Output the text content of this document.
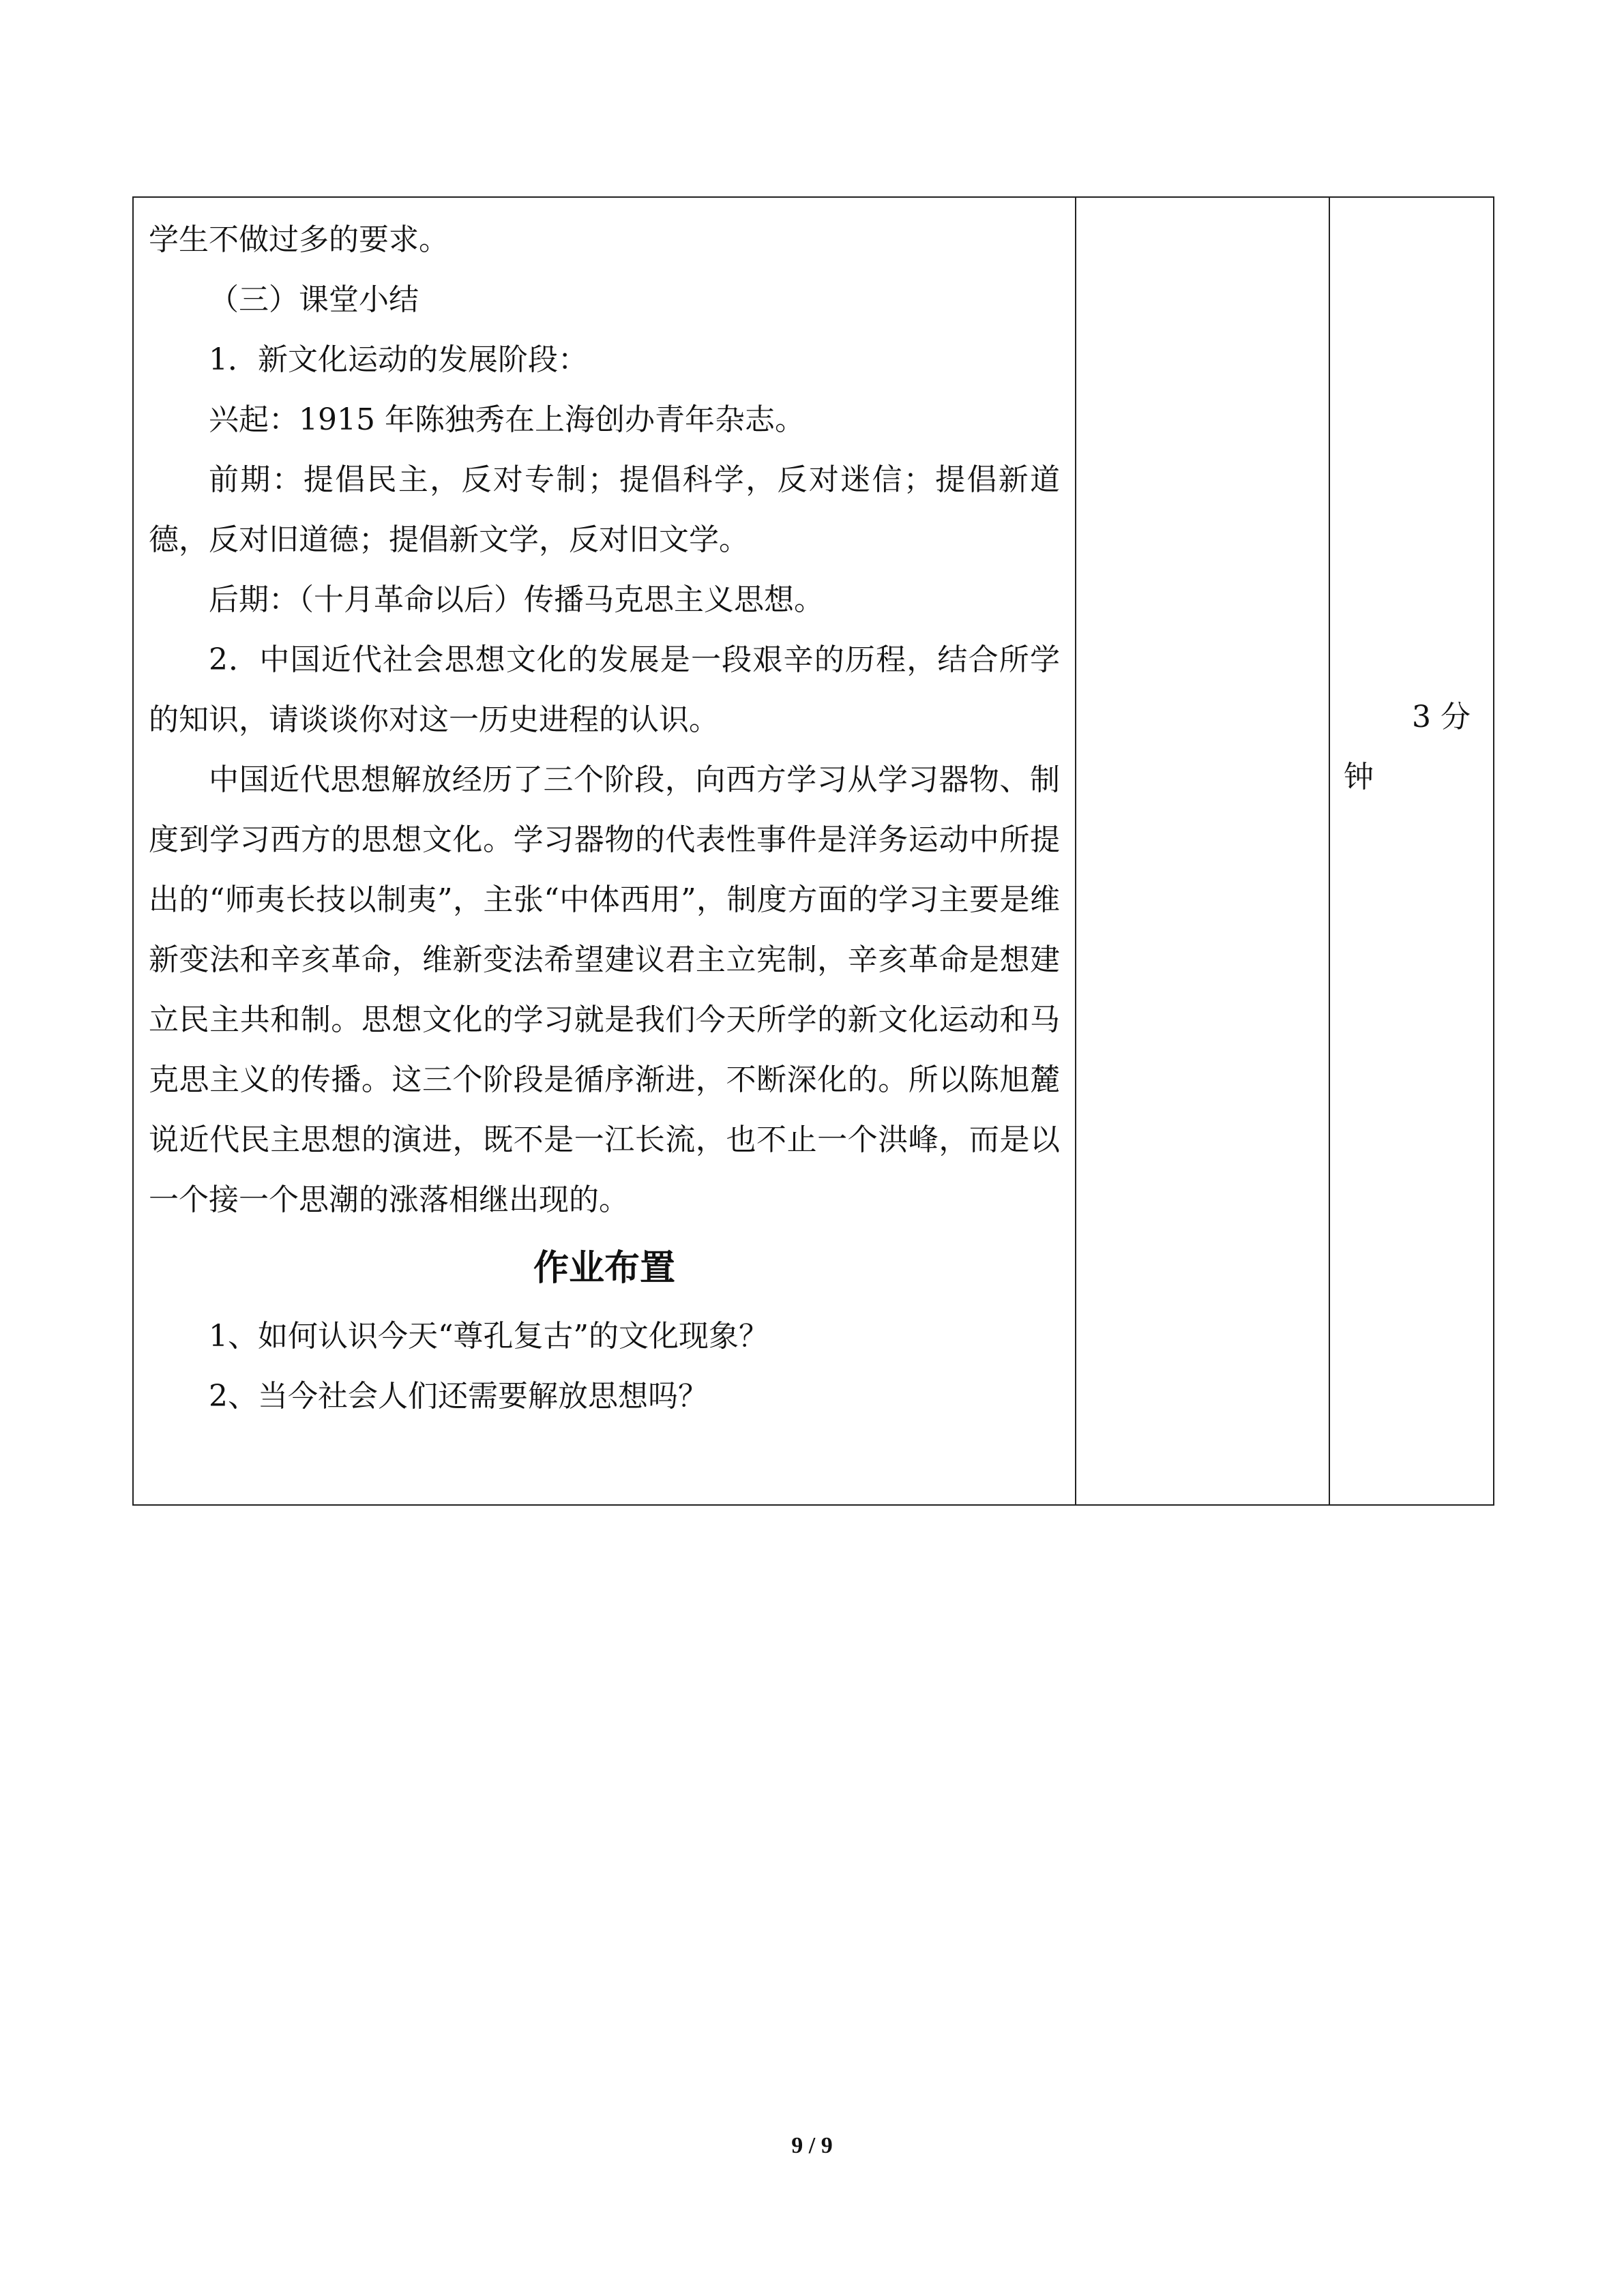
学生不做过多的要求。

（三）课堂小结

1．新文化运动的发展阶段：

兴起：1915 年陈独秀在上海创办青年杂志。

前期：提倡民主，反对专制；提倡科学，反对迷信；提倡新道德，反对旧道德；提倡新文学，反对旧文学。

后期：（十月革命以后）传播马克思主义思想。

2．中国近代社会思想文化的发展是一段艰辛的历程，结合所学的知识，请谈谈你对这一历史进程的认识。

中国近代思想解放经历了三个阶段，向西方学习从学习器物、制度到学习西方的思想文化。学习器物的代表性事件是洋务运动中所提出的“师夷长技以制夷”，主张“中体西用”，制度方面的学习主要是维新变法和辛亥革命，维新变法希望建议君主立宪制，辛亥革命是想建立民主共和制。思想文化的学习就是我们今天所学的新文化运动和马克思主义的传播。这三个阶段是循序渐进，不断深化的。所以陈旭麓说近代民主思想的演进，既不是一江长流，也不止一个洪峰，而是以一个接一个思潮的涨落相继出现的。

作业布置

1、如何认识今天“尊孔复古”的文化现象？

2、当今社会人们还需要解放思想吗？

3 分
钟
9 / 9
